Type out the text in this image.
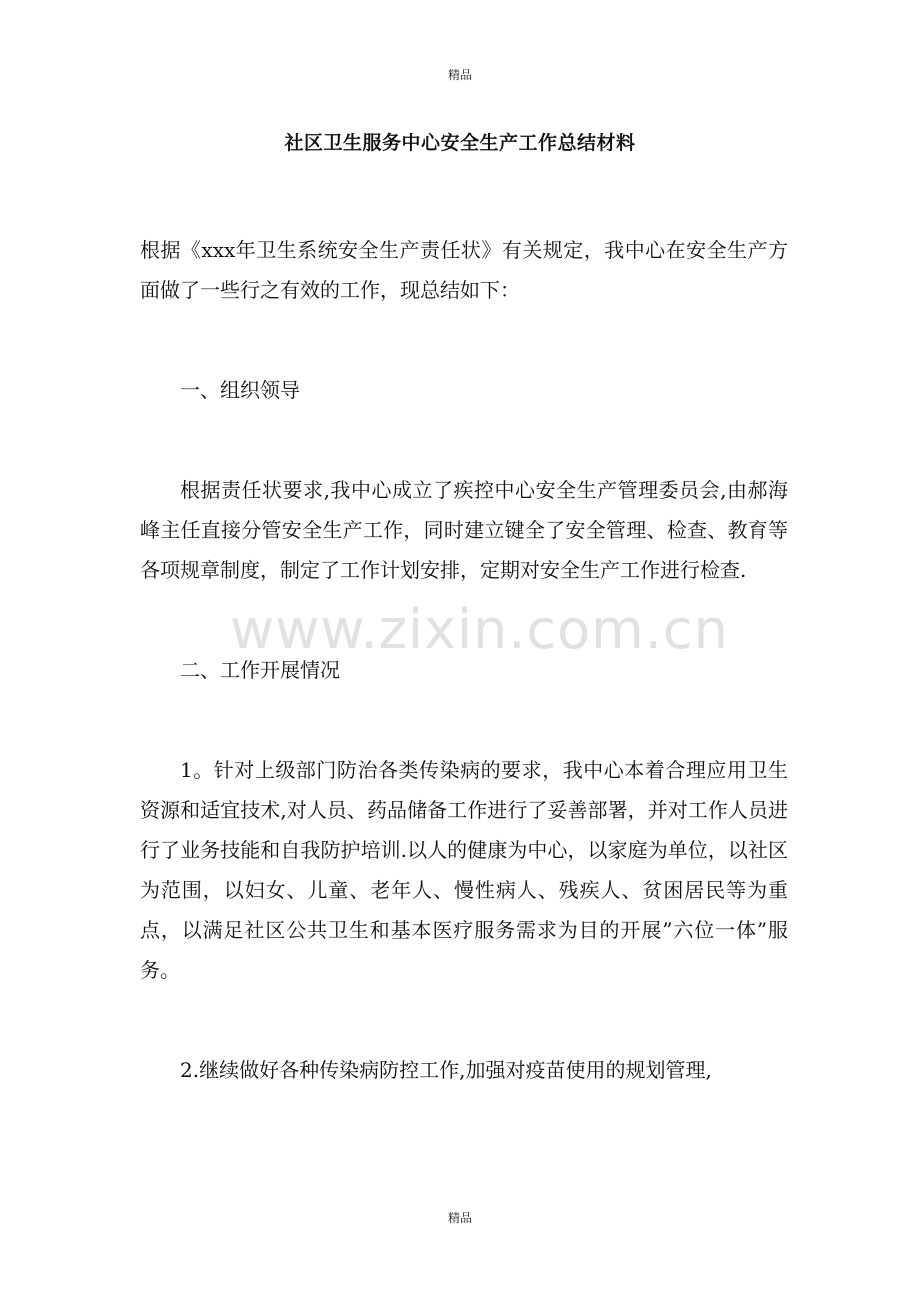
精品
社区卫生服务中心安全生产工作总结材料

根据《xxx年卫生系统安全生产责任状》有关规定，我中心在安全生产方面做了一些行之有效的工作，现总结如下：

一、组织领导

根据责任状要求,我中心成立了疾控中心安全生产管理委员会,由郝海峰主任直接分管安全生产工作，同时建立键全了安全管理、检查、教育等各项规章制度，制定了工作计划安排，定期对安全生产工作进行检查.

二、工作开展情况

1。针对上级部门防治各类传染病的要求，我中心本着合理应用卫生资源和适宜技术,对人员、药品储备工作进行了妥善部署，并对工作人员进行了业务技能和自我防护培训.以人的健康为中心，以家庭为单位，以社区为范围，以妇女、儿童、老年人、慢性病人、残疾人、贫困居民等为重点，以满足社区公共卫生和基本医疗服务需求为目的开展”六位一体”服务。

2.继续做好各种传染病防控工作,加强对疫苗使用的规划管理,

www.zixin.com.cn
精品
